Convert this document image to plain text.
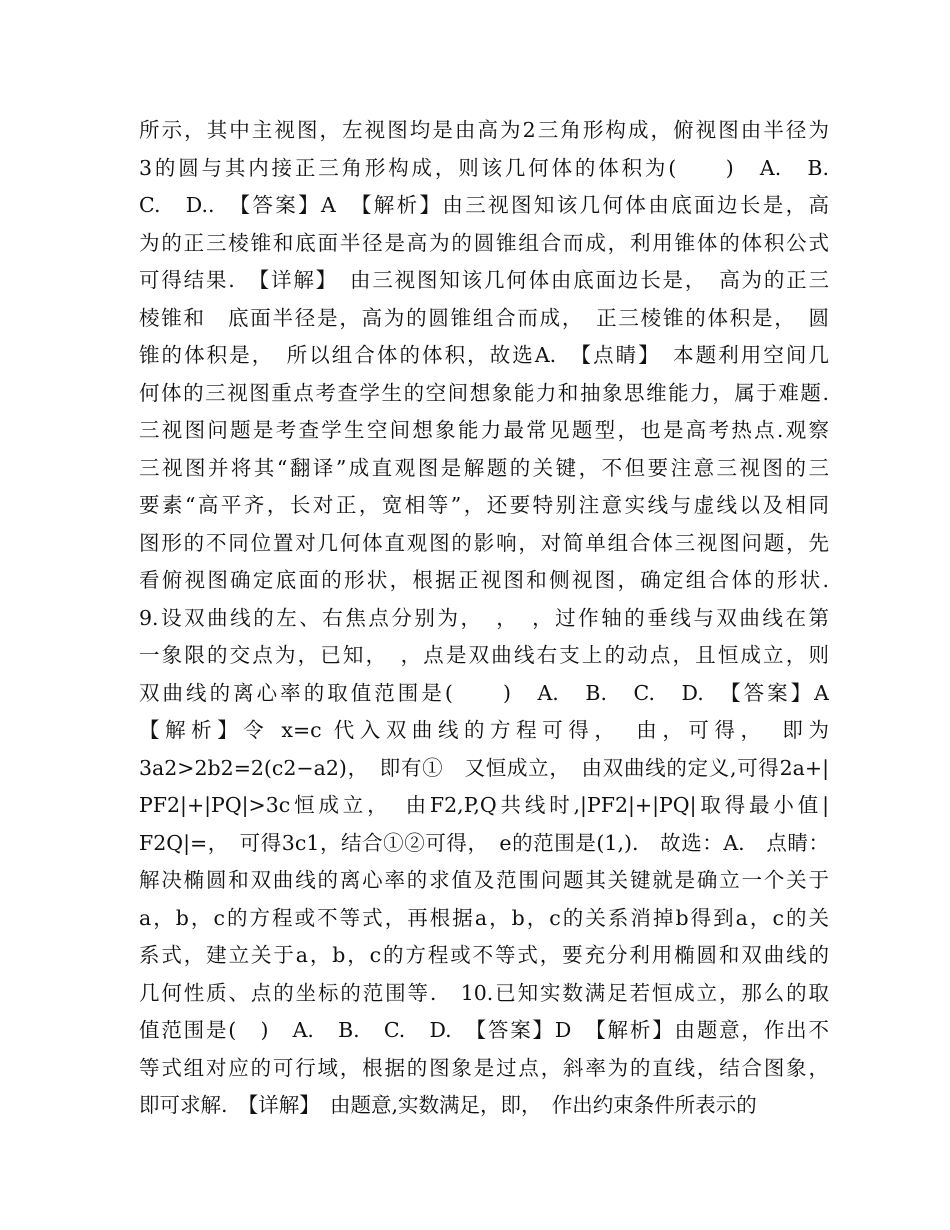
所示，其中主视图，左视图均是由高为2三角形构成，俯视图由半径为
3的圆与其内接正三角形构成，则该几何体的体积为(　　)　A.　B.
C.　D..　【答案】A　【解析】由三视图知该几何体由底面边长是，高
为的正三棱锥和底面半径是高为的圆锥组合而成，利用锥体的体积公式
可得结果.　【详解】　由三视图知该几何体由底面边长是，　高为的正三
棱锥和　底面半径是，高为的圆锥组合而成，　正三棱锥的体积是，　圆
锥的体积是，　所以组合体的体积，故选A.　【点睛】　本题利用空间几
何体的三视图重点考查学生的空间想象能力和抽象思维能力，属于难题.
三视图问题是考查学生空间想象能力最常见题型，也是高考热点.观察
三视图并将其“翻译”成直观图是解题的关键，不但要注意三视图的三
要素“高平齐，长对正，宽相等”，还要特别注意实线与虚线以及相同
图形的不同位置对几何体直观图的影响，对简单组合体三视图问题，先
看俯视图确定底面的形状，根据正视图和侧视图，确定组合体的形状.
9.设双曲线的左、右焦点分别为，　，　，过作轴的垂线与双曲线在第
一象限的交点为，已知，　，点是双曲线右支上的动点，且恒成立，则
双曲线的离心率的取值范围是(　　)　A.　B.　C.　D.　【答案】A
【解析】令 x=c 代入双曲线的方程可得，　由，可得，　即为
3a2>2b2=2(c2−a2)，　即有①　又恒成立，　由双曲线的定义,可得2a+|
PF2|+|PQ|>3c恒成立，　由F2,P,Q共线时,|PF2|+|PQ|取得最小值|
F2Q|=，　可得3c1，结合①②可得，　e的范围是(1,).　故选：A.　点睛：
解决椭圆和双曲线的离心率的求值及范围问题其关键就是确立一个关于
a，b，c的方程或不等式，再根据a，b，c的关系消掉b得到a，c的关
系式，建立关于a，b，c的方程或不等式，要充分利用椭圆和双曲线的
几何性质、点的坐标的范围等.　10.已知实数满足若恒成立，那么的取
值范围是(　)　A.　B.　C.　D.　【答案】D　【解析】由题意，作出不
等式组对应的可行域，根据的图象是过点，斜率为的直线，结合图象，
即可求解.　【详解】　由题意,实数满足，即，　作出约束条件所表示的
